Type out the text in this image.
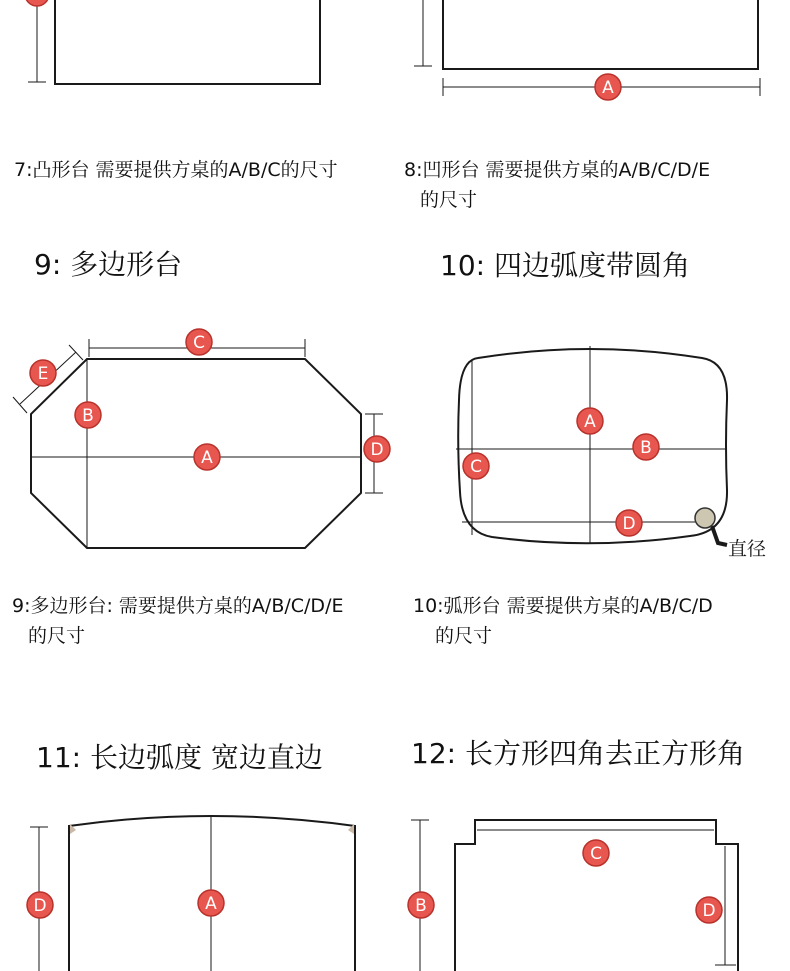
A
C
E
B
A	D
A
B
C
D
直径
D	A
C
B	D

7:凸形台 需要提供方桌的A/B/C的尺寸	8:凹形台 需要提供方桌的A/B/C/D/E
的尺寸

9: 多边形台	10: 四边弧度带圆角

9:多边形台: 需要提供方桌的A/B/C/D/E
的尺寸
10:弧形台 需要提供方桌的A/B/C/D
的尺寸

11: 长边弧度 宽边直边	12: 长方形四角去正方形角
